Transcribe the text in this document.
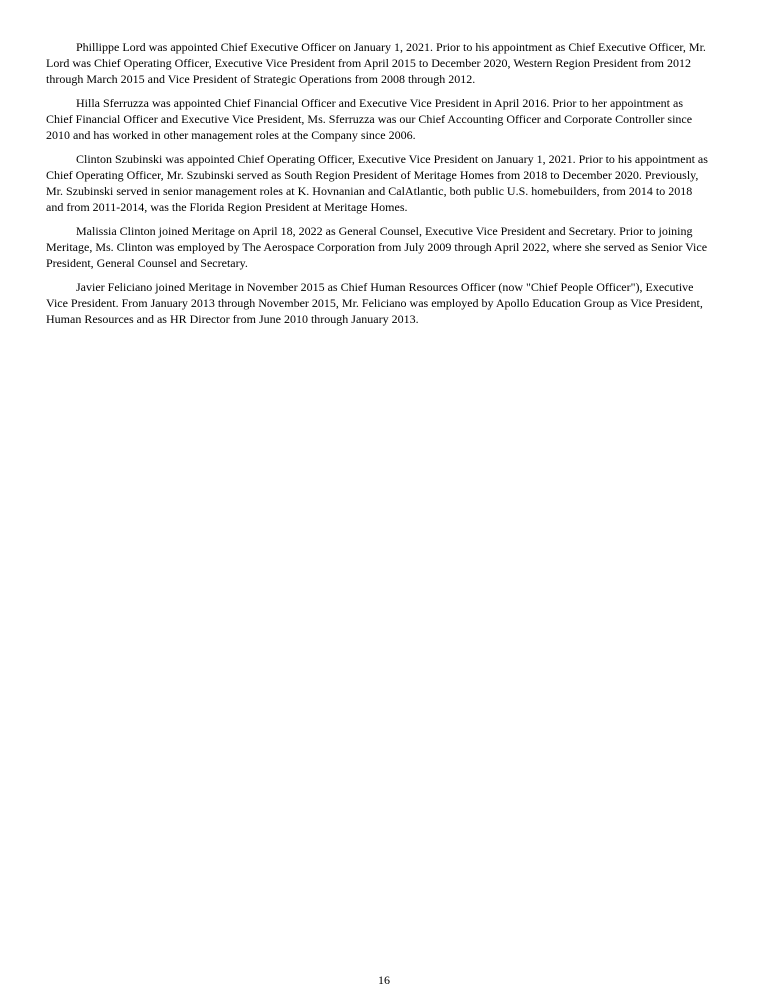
Phillippe Lord was appointed Chief Executive Officer on January 1, 2021. Prior to his appointment as Chief Executive Officer, Mr. Lord was Chief Operating Officer, Executive Vice President from April 2015 to December 2020, Western Region President from 2012 through March 2015 and Vice President of Strategic Operations from 2008 through 2012.

Hilla Sferruzza was appointed Chief Financial Officer and Executive Vice President in April 2016. Prior to her appointment as Chief Financial Officer and Executive Vice President, Ms. Sferruzza was our Chief Accounting Officer and Corporate Controller since 2010 and has worked in other management roles at the Company since 2006.

Clinton Szubinski was appointed Chief Operating Officer, Executive Vice President on January 1, 2021. Prior to his appointment as Chief Operating Officer, Mr. Szubinski served as South Region President of Meritage Homes from 2018 to December 2020. Previously, Mr. Szubinski served in senior management roles at K. Hovnanian and CalAtlantic, both public U.S. homebuilders, from 2014 to 2018 and from 2011-2014, was the Florida Region President at Meritage Homes.

Malissia Clinton joined Meritage on April 18, 2022 as General Counsel, Executive Vice President and Secretary. Prior to joining Meritage, Ms. Clinton was employed by The Aerospace Corporation from July 2009 through April 2022, where she served as Senior Vice President, General Counsel and Secretary.

Javier Feliciano joined Meritage in November 2015 as Chief Human Resources Officer (now "Chief People Officer"), Executive Vice President. From January 2013 through November 2015, Mr. Feliciano was employed by Apollo Education Group as Vice President, Human Resources and as HR Director from June 2010 through January 2013.

16
